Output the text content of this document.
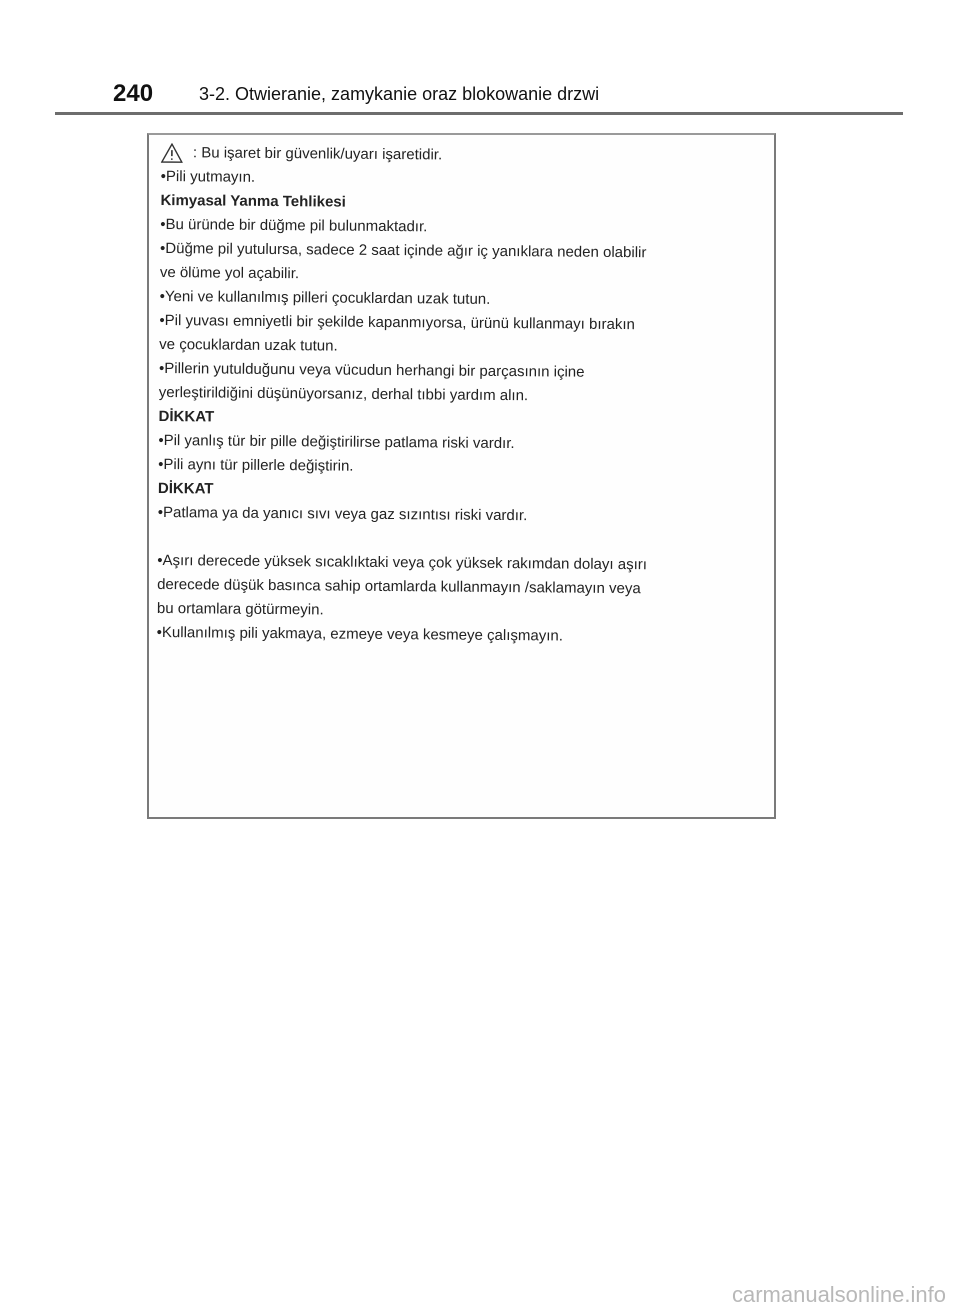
240	3-2. Otwieranie, zamykanie oraz blokowanie drzwi
: Bu işaret bir güvenlik/uyarı işaretidir.
•Pili yutmayın.
Kimyasal Yanma Tehlikesi
•Bu üründe bir düğme pil bulunmaktadır.
•Düğme pil yutulursa, sadece 2 saat içinde ağır iç yanıklara neden olabilir
ve ölüme yol açabilir.
•Yeni ve kullanılmış pilleri çocuklardan uzak tutun.
•Pil yuvası emniyetli bir şekilde kapanmıyorsa, ürünü kullanmayı bırakın
ve çocuklardan uzak tutun.
•Pillerin yutulduğunu veya vücudun herhangi bir parçasının içine
yerleştirildiğini düşünüyorsanız, derhal tıbbi yardım alın.
DİKKAT
•Pil yanlış tür bir pille değiştirilirse patlama riski vardır.
•Pili aynı tür pillerle değiştirin.
DİKKAT
•Patlama ya da yanıcı sıvı veya gaz sızıntısı riski vardır.
•Aşırı derecede yüksek sıcaklıktaki veya çok yüksek rakımdan dolayı aşırı
derecede düşük basınca sahip ortamlarda kullanmayın /saklamayın veya
bu ortamlara götürmeyin.
•Kullanılmış pili yakmaya, ezmeye veya kesmeye çalışmayın.
carmanualsonline.info
